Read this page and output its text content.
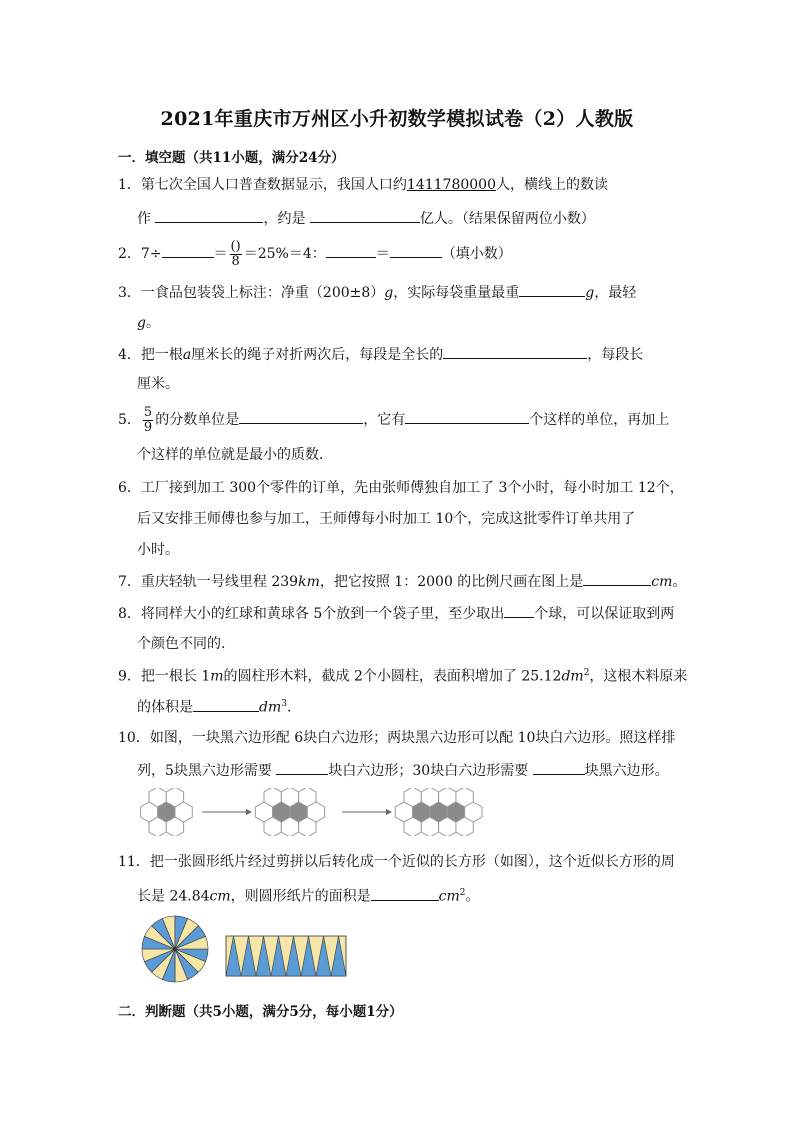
2021年重庆市万州区小升初数学模拟试卷（2）人教版
一．填空题（共11小题，满分24分）
1．第七次全国人口普查数据显示，我国人口约1411780000人，横线上的数读
作	，约是	亿人。（结果保留两位小数）
2．7÷	＝ $\frac{()}{8} =25\%=4$：	＝	（填小数）
3．一食品包装袋上标注：净重（200±8）g，实际每袋重量最重	g，最轻
g。
4．把一根a厘米长的绳子对折两次后，每段是全长的	，每段长
厘米。
5． $\frac{5}{9}$ 的分数单位是	，它有	个这样的单位，再加上
个这样的单位就是最小的质数．
6．工厂接到加工 300个零件的订单，先由张师傅独自加工了 3个小时，每小时加工 12个，
后又安排王师傅也参与加工，王师傅每小时加工 10个，完成这批零件订单共用了
小时。
7．重庆轻轨一号线里程 239km，把它按照 1：2000 的比例尺画在图上是	cm。
8．将同样大小的红球和黄球各 5个放到一个袋子里，至少取出 个球，可以保证取到两
个颜色不同的.
9．把一根长 1m的圆柱形木料，截成 2个小圆柱，表面积增加了 $25.12dm^2$，这根木料原来
的体积是	$dm^3$.
10．如图，一块黑六边形配 6块白六边形；两块黑六边形可以配 10块白六边形。照这样排
列，5块黑六边形需要	块白六边形；30块白六边形需要	块黑六边形。
11．把一张圆形纸片经过剪拼以后转化成一个近似的长方形（如图），这个近似长方形的周
长是 24.84cm，则圆形纸片的面积是	$cm^2$。
二．判断题（共5小题，满分5分，每小题1分）
